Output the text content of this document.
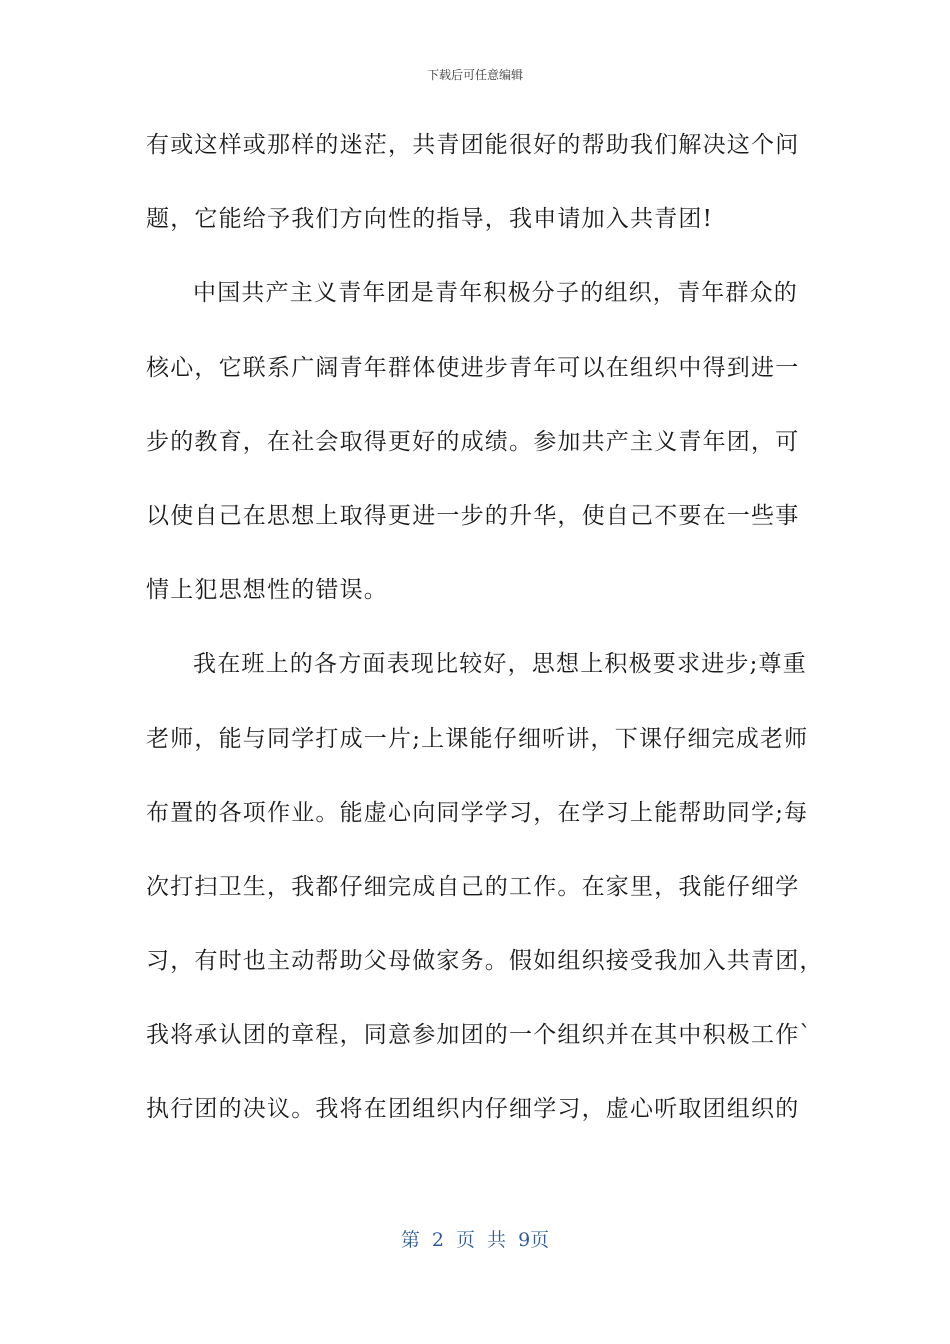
下载后可任意编辑
有或这样或那样的迷茫，共青团能很好的帮助我们解决这个问
题，它能给予我们方向性的指导，我申请加入共青团!
中国共产主义青年团是青年积极分子的组织，青年群众的
核心，它联系广阔青年群体使进步青年可以在组织中得到进一
步的教育，在社会取得更好的成绩。参加共产主义青年团，可
以使自己在思想上取得更进一步的升华，使自己不要在一些事
情上犯思想性的错误。
我在班上的各方面表现比较好，思想上积极要求进步;尊重
老师，能与同学打成一片;上课能仔细听讲，下课仔细完成老师
布置的各项作业。能虚心向同学学习，在学习上能帮助同学;每
次打扫卫生，我都仔细完成自己的工作。在家里，我能仔细学
习，有时也主动帮助父母做家务。假如组织接受我加入共青团，
我将承认团的章程，同意参加团的一个组织并在其中积极工作`
执行团的决议。我将在团组织内仔细学习，虚心听取团组织的
第 2 页 共 9页
